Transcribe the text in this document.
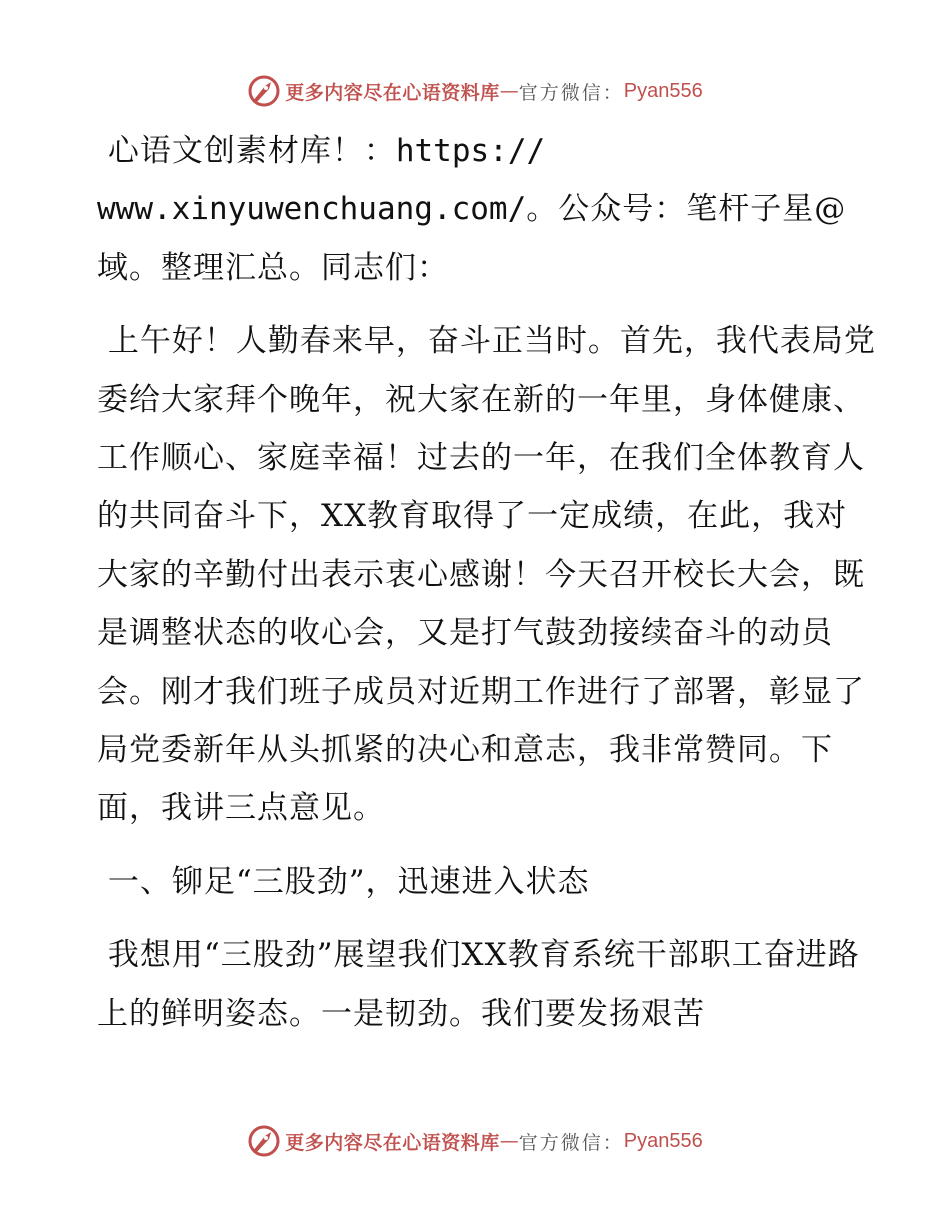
更多内容尽在心语资料库 — 官方微信： Pyan556

心语文创素材库！：https://
www.xinyuwenchuang.com/。公众号：笔杆子星@
域。整理汇总。同志们：

上午好！人勤春来早，奋斗正当时。首先，我代表局党委给大家拜个晚年，祝大家在新的一年里，身体健康、工作顺心、家庭幸福！过去的一年，在我们全体教育人的共同奋斗下，XX教育取得了一定成绩，在此，我对大家的辛勤付出表示衷心感谢！今天召开校长大会，既是调整状态的收心会，又是打气鼓劲接续奋斗的动员会。刚才我们班子成员对近期工作进行了部署，彰显了局党委新年从头抓紧的决心和意志，我非常赞同。下面，我讲三点意见。

一、铆足“三股劲”，迅速进入状态

我想用“三股劲”展望我们XX教育系统干部职工奋进路上的鲜明姿态。一是韧劲。我们要发扬艰苦

更多内容尽在心语资料库 — 官方微信： Pyan556
